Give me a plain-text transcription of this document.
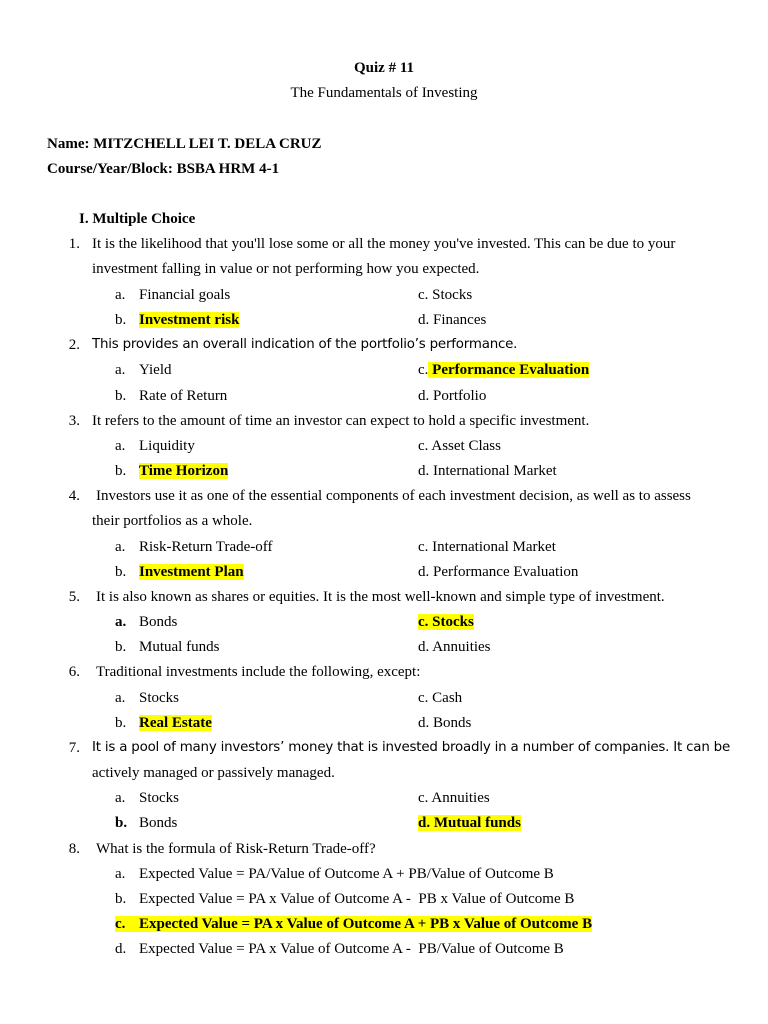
Quiz # 11
The Fundamentals of Investing
Name: MITZCHELL LEI T. DELA CRUZ
Course/Year/Block: BSBA HRM 4-1
I. Multiple Choice
1. It is the likelihood that you'll lose some or all the money you've invested. This can be due to your
investment falling in value or not performing how you expected.
a. Financial goals	c. Stocks
b. Investment risk	d. Finances
2. This provides an overall indication of the portfolio’s performance.
a. Yield	c. Performance Evaluation
b. Rate of Return	d. Portfolio
3. It refers to the amount of time an investor can expect to hold a specific investment.
a. Liquidity	c. Asset Class
b. Time Horizon	d. International Market
4. Investors use it as one of the essential components of each investment decision, as well as to assess
their portfolios as a whole.
a. Risk-Return Trade-off	c. International Market
b. Investment Plan	d. Performance Evaluation
5. It is also known as shares or equities. It is the most well-known and simple type of investment.
a. Bonds	c. Stocks
b. Mutual funds	d. Annuities
6. Traditional investments include the following, except:
a. Stocks	c. Cash
b. Real Estate	d. Bonds
7. It is a pool of many investors’ money that is invested broadly in a number of companies. It can be
actively managed or passively managed.
a. Stocks	c. Annuities
b. Bonds	d. Mutual funds
8. What is the formula of Risk-Return Trade-off?
a. Expected Value = PA/Value of Outcome A + PB/Value of Outcome B
b. Expected Value = PA x Value of Outcome A -  PB x Value of Outcome B
c. Expected Value = PA x Value of Outcome A + PB x Value of Outcome B
d. Expected Value = PA x Value of Outcome A -  PB/Value of Outcome B
